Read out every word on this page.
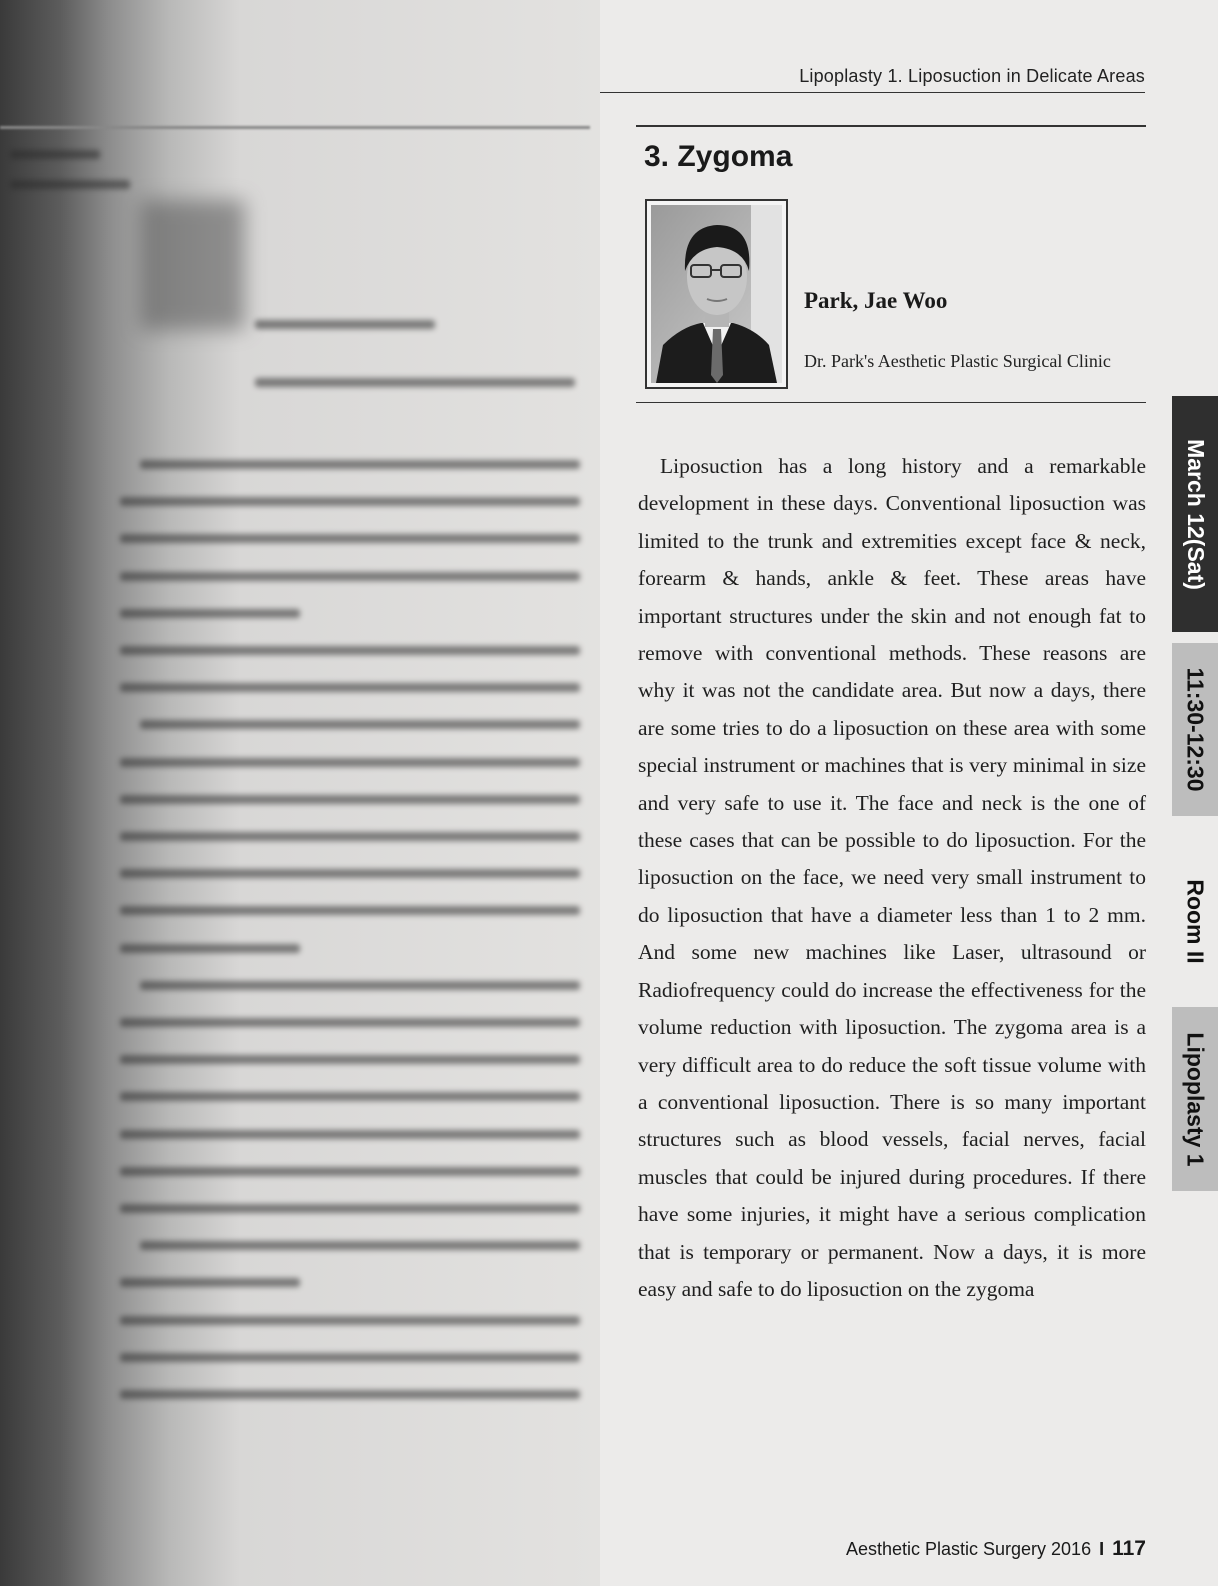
Lipoplasty 1. Liposuction in Delicate Areas
3. Zygoma
Park, Jae Woo
Dr. Park's Aesthetic Plastic Surgical Clinic

Liposuction has a long history and a remarkable development in these days. Conventional liposuction was limited to the trunk and extremities except face & neck, forearm & hands, ankle & feet. These areas have important structures under the skin and not enough fat to remove with conventional methods. These reasons are why it was not the candidate area. But now a days, there are some tries to do a liposuction on these area with some special instrument or machines that is very minimal in size and very safe to use it. The face and neck is the one of these cases that can be possible to do liposuction. For the liposuction on the face, we need very small instrument to do liposuction that have a diameter less than 1 to 2 mm. And some new machines like Laser, ultrasound or Radiofrequency could do increase the effectiveness for the volume reduction with liposuction. The zygoma area is a very difficult area to do reduce the soft tissue volume with a conventional liposuction. There is so many important structures such as blood vessels, facial nerves, facial muscles that could be injured during procedures. If there have some injuries, it might have a serious complication that is temporary or permanent. Now a days, it is more easy and safe to do liposuction on the zygoma

March 12(Sat)
11:30-12:30
Room II
Lipoplasty 1
Aesthetic Plastic Surgery 2016 I 117
